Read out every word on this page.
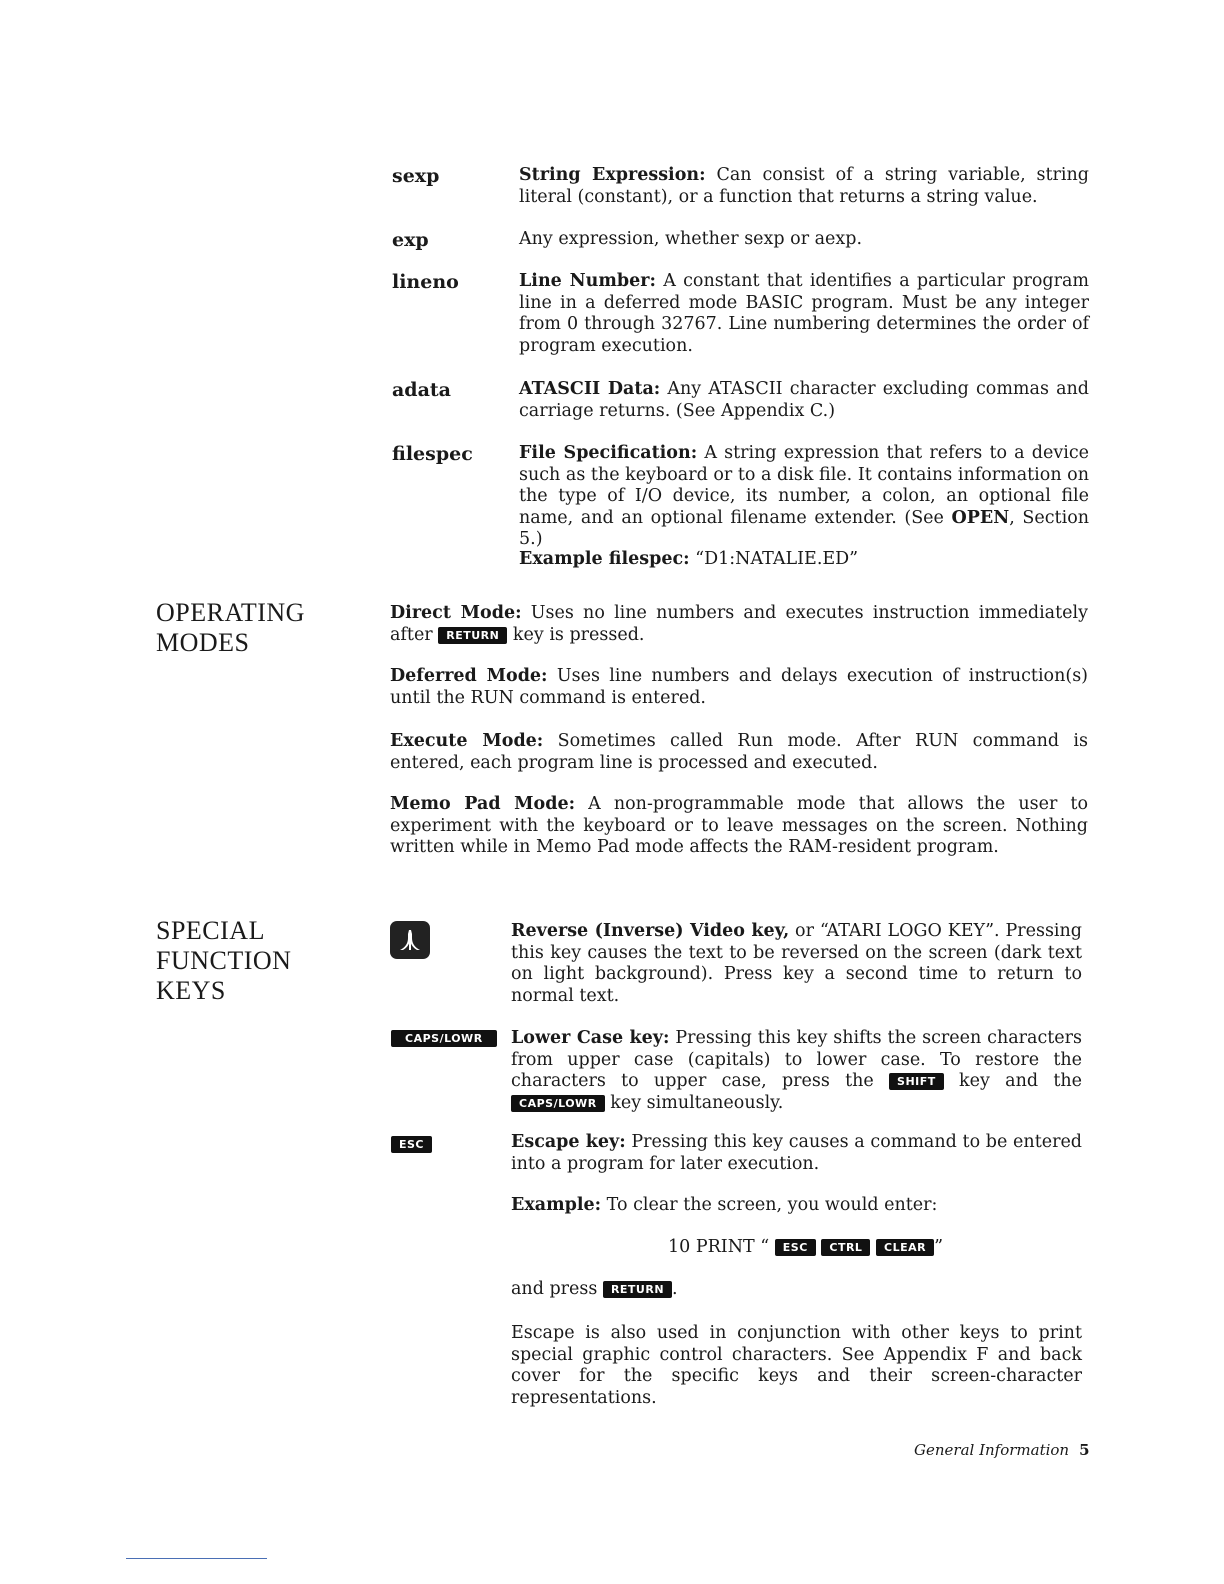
sexp	String Expression: Can consist of a string variable, string literal (constant), or a function that returns a string value.
exp	Any expression, whether sexp or aexp.
lineno	Line Number: A constant that identifies a particular program line in a deferred mode BASIC program. Must be any integer from 0 through 32767. Line numbering determines the order of program execution.
adata	ATASCII Data: Any ATASCII character excluding commas and carriage returns. (See Appendix C.)
filespec	File Specification: A string expression that refers to a device such as the keyboard or to a disk file. It contains information on the type of I/O device, its number, a colon, an optional file name, and an optional filename extender. (See OPEN, Section 5.)
Example filespec: “D1:NATALIE.ED”
OPERATING
MODES
Direct Mode: Uses no line numbers and executes instruction immediately after RETURN key is pressed.
Deferred Mode: Uses line numbers and delays execution of instruction(s) until the RUN command is entered.
Execute Mode: Sometimes called Run mode. After RUN command is entered, each program line is processed and executed.
Memo Pad Mode: A non-programmable mode that allows the user to experiment with the keyboard or to leave messages on the screen. Nothing written while in Memo Pad mode affects the RAM-resident program.
SPECIAL
FUNCTION
KEYS
Reverse (Inverse) Video key, or “ATARI LOGO KEY”. Pressing this key causes the text to be reversed on the screen (dark text on light background). Press key a second time to return to normal text.
CAPS/LOWR	Lower Case key: Pressing this key shifts the screen characters from upper case (capitals) to lower case. To restore the characters to upper case, press the SHIFT key and the CAPS/LOWR key simultaneously.
ESC	Escape key: Pressing this key causes a command to be entered into a program for later execution.
Example: To clear the screen, you would enter:
10 PRINT “ ESC CTRL CLEAR ”
and press RETURN .
Escape is also used in conjunction with other keys to print special graphic control characters. See Appendix F and back cover for the specific keys and their screen-character representations.
General Information 5
